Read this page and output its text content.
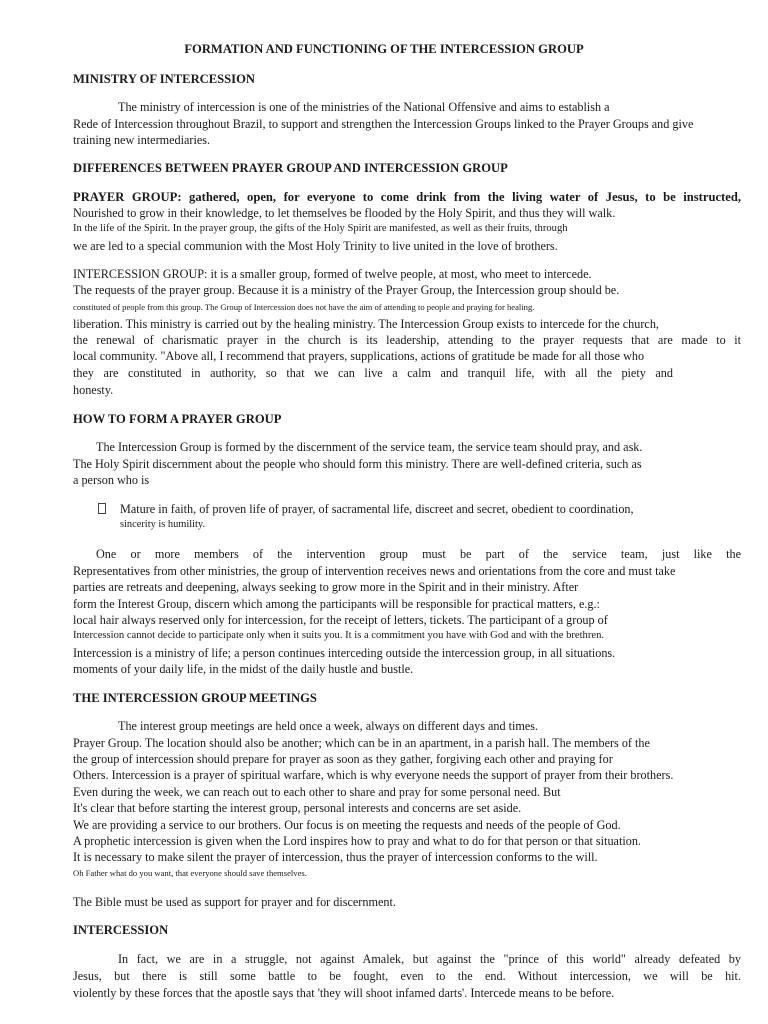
FORMATION AND FUNCTIONING OF THE INTERCESSION GROUP
MINISTRY OF INTERCESSION
The ministry of intercession is one of the ministries of the National Offensive and aims to establish a
Rede of Intercession throughout Brazil, to support and strengthen the Intercession Groups linked to the Prayer Groups and give
training new intermediaries.
DIFFERENCES BETWEEN PRAYER GROUP AND INTERCESSION GROUP
PRAYER GROUP: gathered, open, for everyone to come drink from the living water of Jesus, to be instructed,
Nourished to grow in their knowledge, to let themselves be flooded by the Holy Spirit, and thus they will walk.
In the life of the Spirit. In the prayer group, the gifts of the Holy Spirit are manifested, as well as their fruits, through
we are led to a special communion with the Most Holy Trinity to live united in the love of brothers.
INTERCESSION GROUP: it is a smaller group, formed of twelve people, at most, who meet to intercede.
The requests of the prayer group. Because it is a ministry of the Prayer Group, the Intercession group should be.
constituted of people from this group. The Group of Intercession does not have the aim of attending to people and praying for healing.
liberation. This ministry is carried out by the healing ministry. The Intercession Group exists to intercede for the church,
the renewal of charismatic prayer in the church is its leadership, attending to the prayer requests that are made to it
local community. "Above all, I recommend that prayers, supplications, actions of gratitude be made for all those who
they are constituted in authority, so that we can live a calm and tranquil life, with all the piety and
honesty.
HOW TO FORM A PRAYER GROUP
The Intercession Group is formed by the discernment of the service team, the service team should pray, and ask.
The Holy Spirit discernment about the people who should form this ministry. There are well-defined criteria, such as
a person who is
Mature in faith, of proven life of prayer, of sacramental life, discreet and secret, obedient to coordination,
sincerity is humility.
One or more members of the intervention group must be part of the service team, just like the
Representatives from other ministries, the group of intervention receives news and orientations from the core and must take
parties are retreats and deepening, always seeking to grow more in the Spirit and in their ministry. After
form the Interest Group, discern which among the participants will be responsible for practical matters, e.g.:
local hair always reserved only for intercession, for the receipt of letters, tickets. The participant of a group of
Intercession cannot decide to participate only when it suits you. It is a commitment you have with God and with the brethren.
Intercession is a ministry of life; a person continues interceding outside the intercession group, in all situations.
moments of your daily life, in the midst of the daily hustle and bustle.
THE INTERCESSION GROUP MEETINGS
The interest group meetings are held once a week, always on different days and times.
Prayer Group. The location should also be another; which can be in an apartment, in a parish hall. The members of the
the group of intercession should prepare for prayer as soon as they gather, forgiving each other and praying for
Others. Intercession is a prayer of spiritual warfare, which is why everyone needs the support of prayer from their brothers.
Even during the week, we can reach out to each other to share and pray for some personal need. But
It's clear that before starting the interest group, personal interests and concerns are set aside.
We are providing a service to our brothers. Our focus is on meeting the requests and needs of the people of God.
A prophetic intercession is given when the Lord inspires how to pray and what to do for that person or that situation.
It is necessary to make silent the prayer of intercession, thus the prayer of intercession conforms to the will.
Oh Father what do you want, that everyone should save themselves.
The Bible must be used as support for prayer and for discernment.
INTERCESSION
In fact, we are in a struggle, not against Amalek, but against the "prince of this world" already defeated by
Jesus, but there is still some battle to be fought, even to the end. Without intercession, we will be hit.
violently by these forces that the apostle says that 'they will shoot infamed darts'. Intercede means to be before.
